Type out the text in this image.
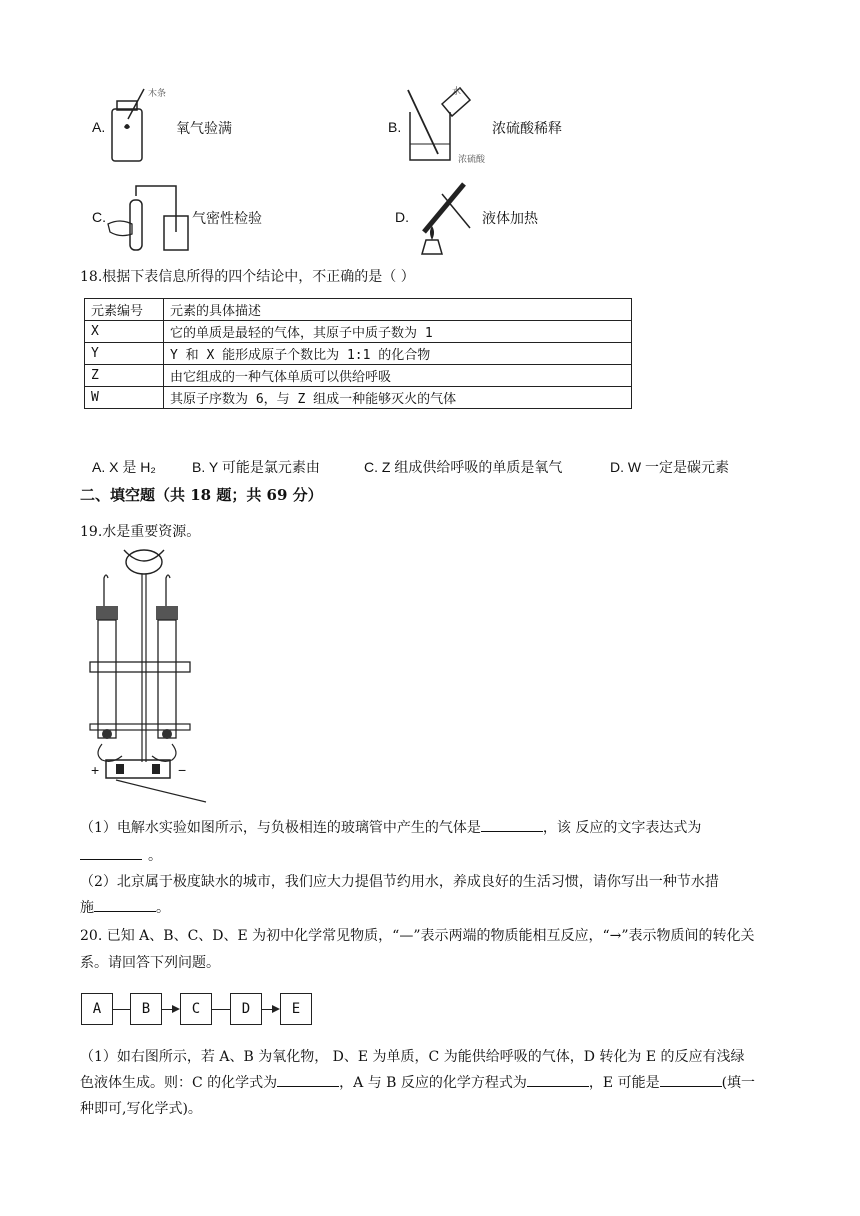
A.
木条
氧气验满	B.
水
浓硫酸
浓硫酸稀释
C.	气密性检验	D.	液体加热
18.根据下表信息所得的四个结论中，不正确的是（ ）
元素编号	元素的具体描述
X	它的单质是最轻的气体，其原子中质子数为 1
Y	Y 和 X 能形成原子个数比为 1:1 的化合物
Z	由它组成的一种气体单质可以供给呼吸
W	其原子序数为 6，与 Z 组成一种能够灭火的气体
A. X 是 H₂	B. Y 可能是氯元素由	C. Z 组成供给呼吸的单质是氧气	D. W 一定是碳元素
二、填空题（共 18 题；共 69 分）
19.水是重要资源。
+	−
（1）电解水实验如图所示，与负极相连的玻璃管中产生的气体是	，该 反应的文字表达式为
。
（2）北京属于极度缺水的城市，我们应大力提倡节约用水，养成良好的生活习惯，请你写出一种节水措
施	。
20. 已知 A、B、C、D、E 为初中化学常见物质，“—”表示两端的物质能相互反应，“→”表示物质间的转化关
系。请回答下列问题。
A	B	C	D	E
（1）如右图所示，若 A、B 为氧化物， D、E 为单质，C 为能供给呼吸的气体，D 转化为 E 的反应有浅绿
色液体生成。则：C 的化学式为	，A 与 B 反应的化学方程式为	，E 可能是	(填一
种即可,写化学式)。
